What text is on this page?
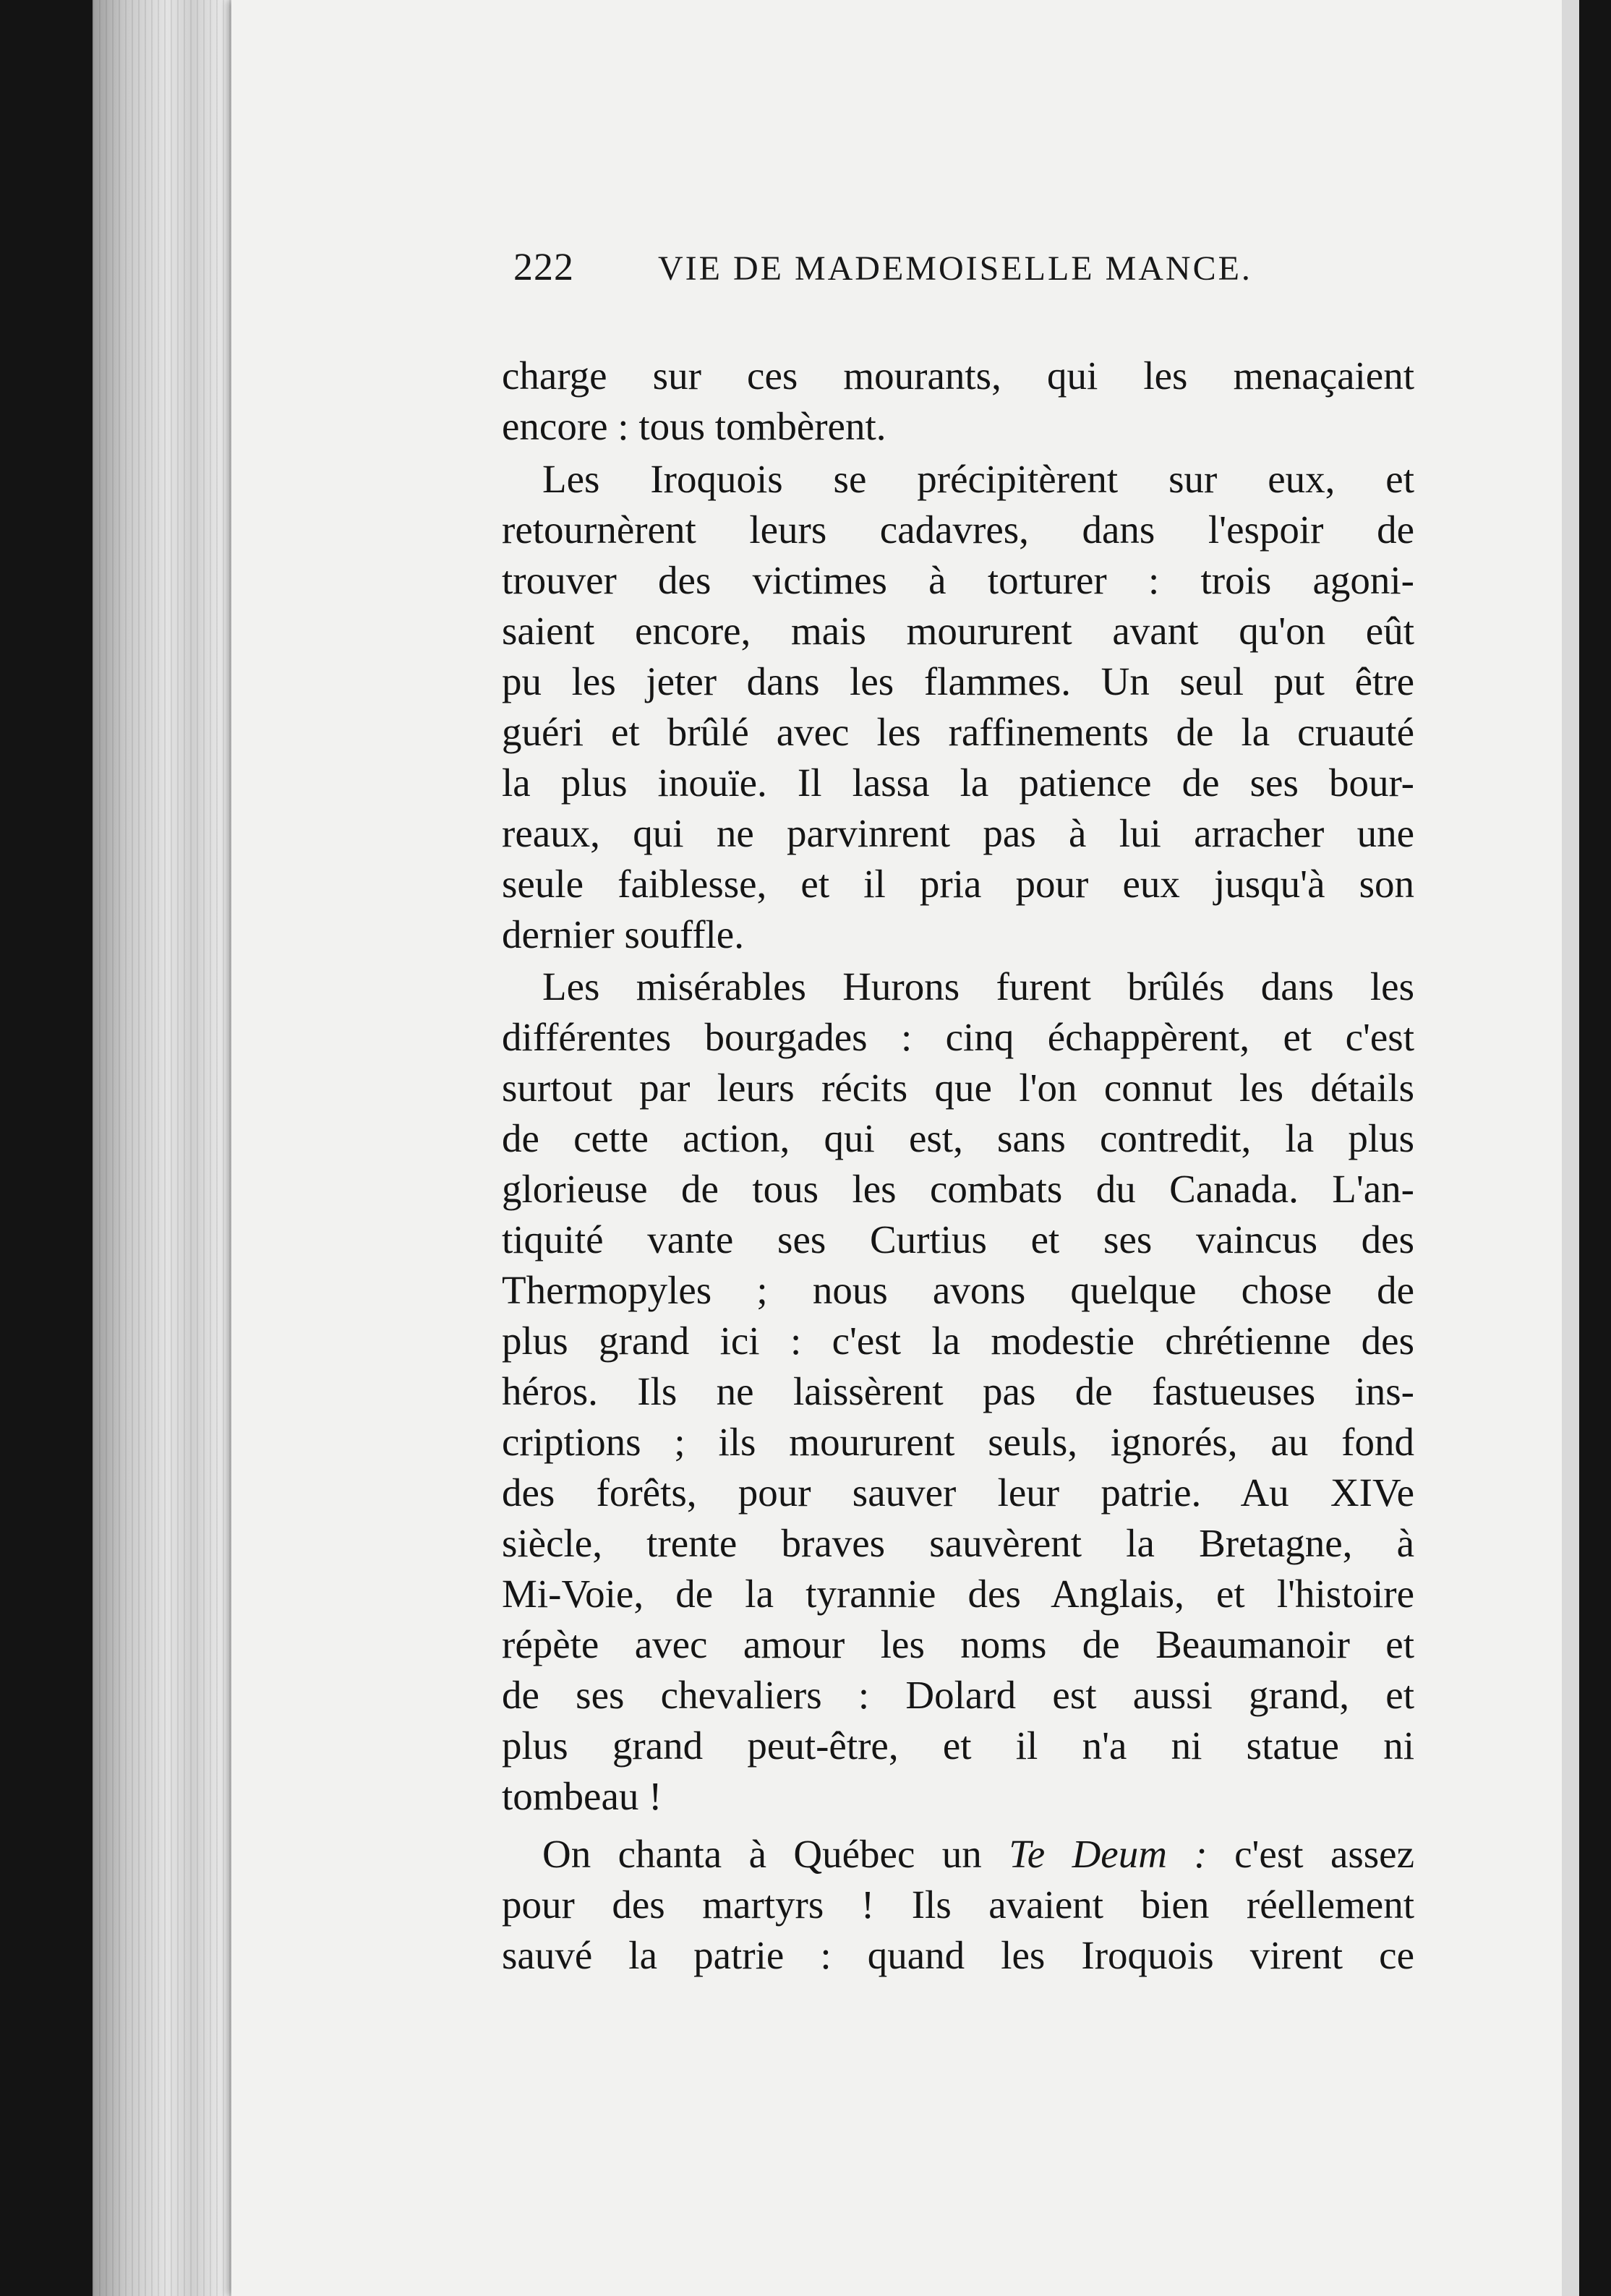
222 VIE DE MADEMOISELLE MANCE.
charge sur ces mourants, qui les menaçaient
encore : tous tombèrent.
Les Iroquois se précipitèrent sur eux, et
retournèrent leurs cadavres, dans l'espoir de
trouver des victimes à torturer : trois agoni-
saient encore, mais moururent avant qu'on eût
pu les jeter dans les flammes. Un seul put être
guéri et brûlé avec les raffinements de la cruauté
la plus inouïe. Il lassa la patience de ses bour-
reaux, qui ne parvinrent pas à lui arracher une
seule faiblesse, et il pria pour eux jusqu'à son
dernier souffle.
Les misérables Hurons furent brûlés dans les
différentes bourgades : cinq échappèrent, et c'est
surtout par leurs récits que l'on connut les détails
de cette action, qui est, sans contredit, la plus
glorieuse de tous les combats du Canada. L'an-
tiquité vante ses Curtius et ses vaincus des
Thermopyles ; nous avons quelque chose de
plus grand ici : c'est la modestie chrétienne des
héros. Ils ne laissèrent pas de fastueuses ins-
criptions ; ils moururent seuls, ignorés, au fond
des forêts, pour sauver leur patrie. Au XIVe
siècle, trente braves sauvèrent la Bretagne, à
Mi-Voie, de la tyrannie des Anglais, et l'histoire
répète avec amour les noms de Beaumanoir et
de ses chevaliers : Dolard est aussi grand, et
plus grand peut-être, et il n'a ni statue ni
tombeau !
On chanta à Québec un Te Deum : c'est assez
pour des martyrs ! Ils avaient bien réellement
sauvé la patrie : quand les Iroquois virent ce
